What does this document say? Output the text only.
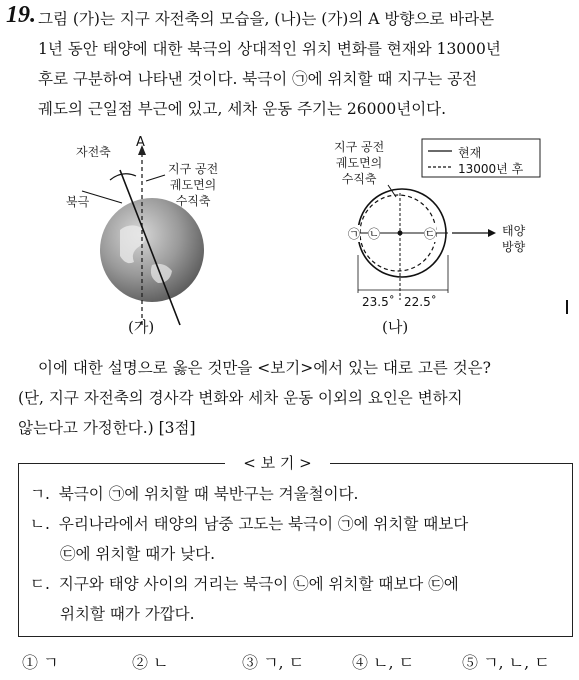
19. 그림 (가)는 지구 자전축의 모습을, (나)는 (가)의 A 방향으로 바라본
1년 동안 태양에 대한 북극의 상대적인 위치 변화를 현재와 13000년
후로 구분하여 나타낸 것이다. 북극이 ㉠에 위치할 때 지구는 공전
궤도의 근일점 부근에 있고, 세차 운동 주기는 26000년이다.
자전축
A
북극
지구 공전
궤도면의
수직축
(가)
지구 공전
궤도면의
수직축
현재
13000년 후
㉠ ㉡	㉢	태양
방향
23.5˚ 22.5˚
(나)
이에 대한 설명으로 옳은 것만을 <보기>에서 있는 대로 고른 것은?
(단, 지구 자전축의 경사각 변화와 세차 운동 이외의 요인은 변하지
않는다고 가정한다.) [3점]
< 보 기 >
ㄱ. 북극이 ㉠에 위치할 때 북반구는 겨울철이다.
ㄴ. 우리나라에서 태양의 남중 고도는 북극이 ㉠에 위치할 때보다
㉢에 위치할 때가 낮다.
ㄷ. 지구와 태양 사이의 거리는 북극이 ㉡에 위치할 때보다 ㉢에
위치할 때가 가깝다.
① ㄱ	② ㄴ	③ ㄱ, ㄷ	④ ㄴ, ㄷ	⑤ ㄱ, ㄴ, ㄷ
